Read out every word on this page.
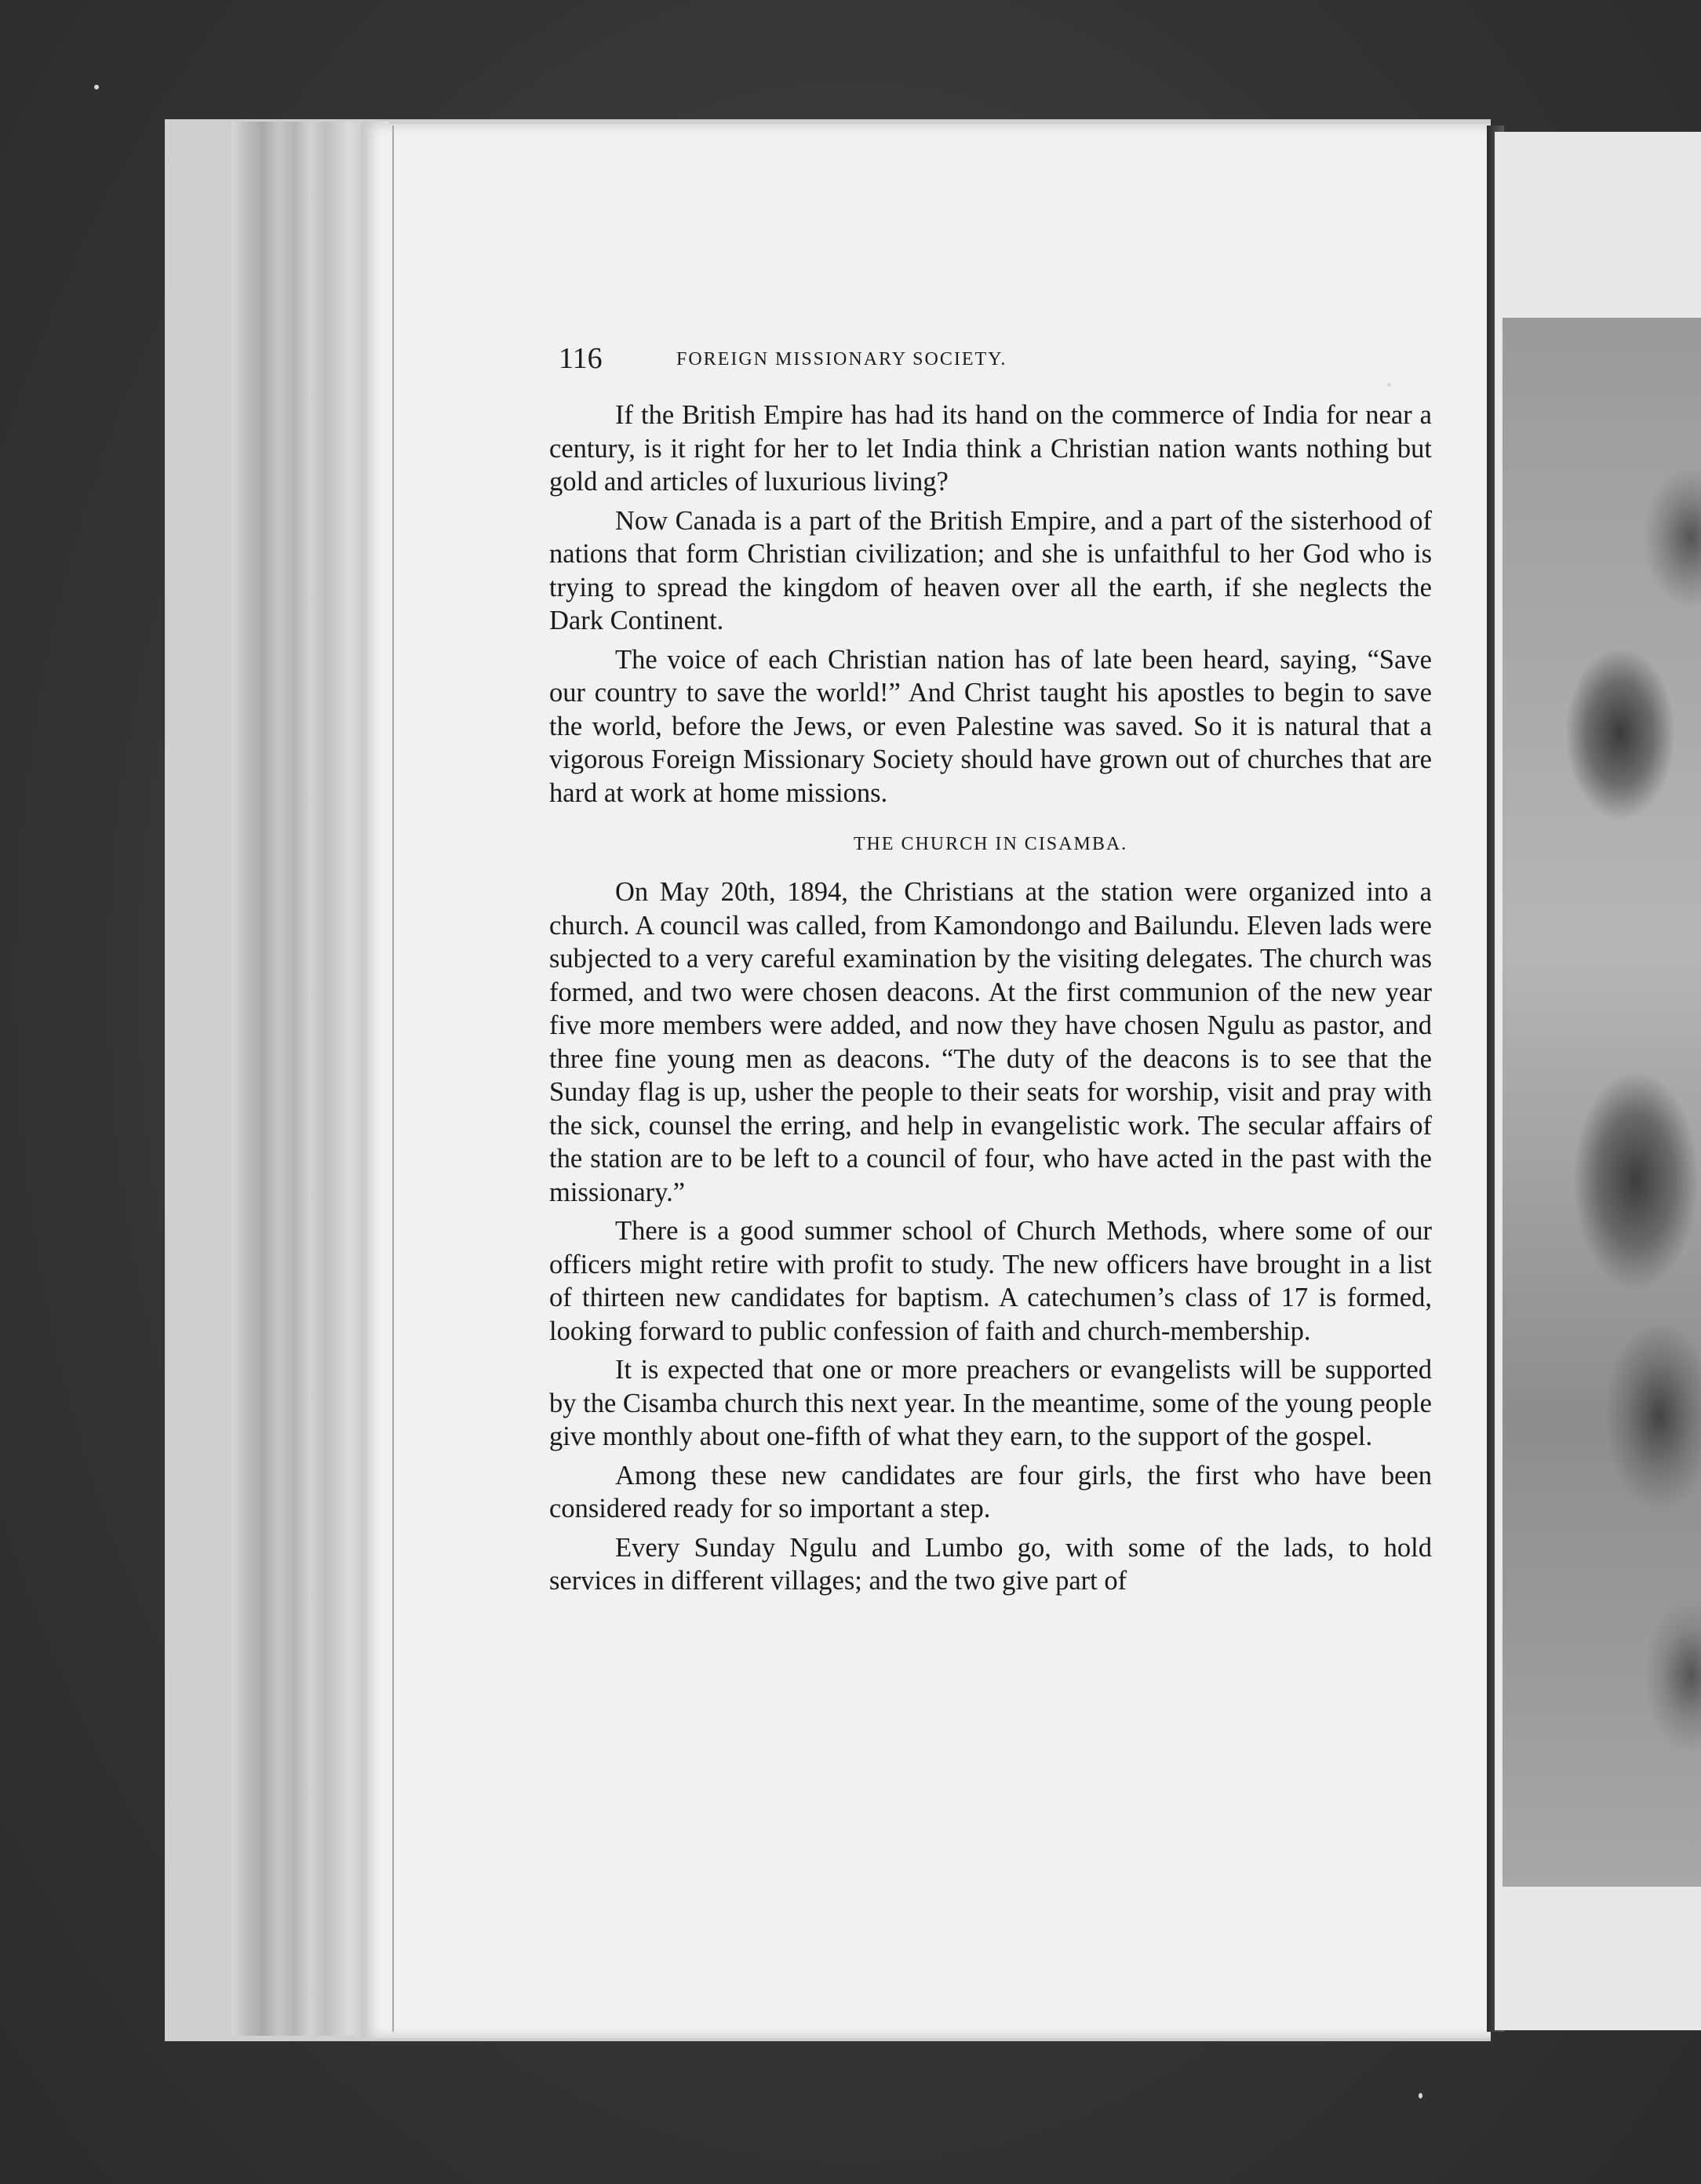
116	FOREIGN MISSIONARY SOCIETY.

If the British Empire has had its hand on the commerce of India for near a century, is it right for her to let India think a Christian nation wants nothing but gold and articles of luxurious living?

Now Canada is a part of the British Empire, and a part of the sisterhood of nations that form Christian civilization; and she is unfaithful to her God who is trying to spread the kingdom of heaven over all the earth, if she neglects the Dark Continent.

The voice of each Christian nation has of late been heard, saying, “Save our country to save the world!” And Christ taught his apostles to begin to save the world, before the Jews, or even Palestine was saved. So it is natural that a vigorous Foreign Missionary Society should have grown out of churches that are hard at work at home missions.

THE CHURCH IN CISAMBA.

On May 20th, 1894, the Christians at the station were organized into a church. A council was called, from Kamondongo and Bailundu. Eleven lads were subjected to a very careful examination by the visiting delegates. The church was formed, and two were chosen deacons. At the first communion of the new year five more members were added, and now they have chosen Ngulu as pastor, and three fine young men as deacons. “The duty of the deacons is to see that the Sunday flag is up, usher the people to their seats for worship, visit and pray with the sick, counsel the erring, and help in evangelistic work. The secular affairs of the station are to be left to a council of four, who have acted in the past with the missionary.”

There is a good summer school of Church Methods, where some of our officers might retire with profit to study. The new officers have brought in a list of thirteen new candidates for baptism. A catechumen’s class of 17 is formed, looking forward to public confession of faith and church-membership.

It is expected that one or more preachers or evangelists will be supported by the Cisamba church this next year. In the meantime, some of the young people give monthly about one-fifth of what they earn, to the support of the gospel.

Among these new candidates are four girls, the first who have been considered ready for so important a step.

Every Sunday Ngulu and Lumbo go, with some of the lads, to hold services in different villages; and the two give part of
